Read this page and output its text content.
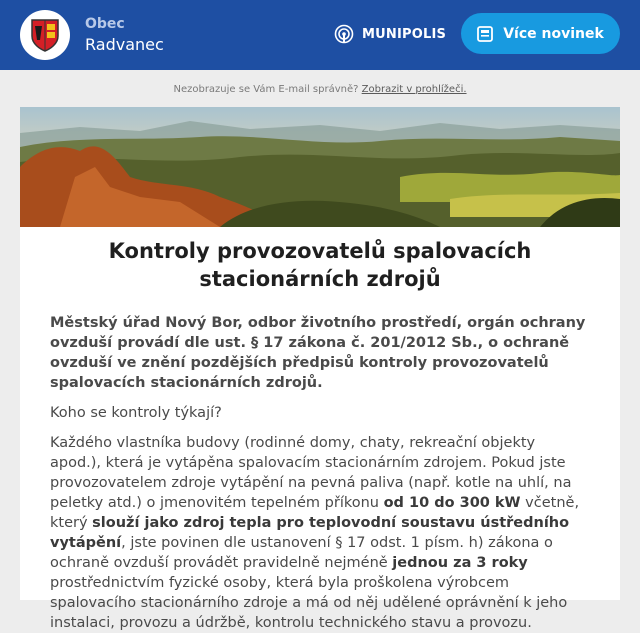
Obec
Radvanec
MUNIPOLIS	Více novinek
Nezobrazuje se Vám E-mail správně? Zobrazit v prohlížeči.
Kontroly provozovatelů spalovacích stacionárních zdrojů

Městský úřad Nový Bor, odbor životního prostředí, orgán ochrany ovzduší provádí dle ust. § 17 zákona č. 201/2012 Sb., o ochraně ovzduší ve znění pozdějších předpisů kontroly provozovatelů spalovacích stacionárních zdrojů.

Koho se kontroly týkají?

Každého vlastníka budovy (rodinné domy, chaty, rekreační objekty apod.), která je vytápěna spalovacím stacionárním zdrojem. Pokud jste provozovatelem zdroje vytápění na pevná paliva (např. kotle na uhlí, na peletky atd.) o jmenovitém tepelném příkonu od 10 do 300 kW včetně, který slouží jako zdroj tepla pro teplovodní soustavu ústředního vytápění, jste povinen dle ustanovení § 17 odst. 1 písm. h) zákona o ochraně ovzduší provádět pravidelně nejméně jednou za 3 roky prostřednictvím fyzické osoby, která byla proškolena výrobcem spalovacího stacionárního zdroje a má od něj udělené oprávnění k jeho instalaci, provozu a údržbě, kontrolu technického stavu a provozu.
